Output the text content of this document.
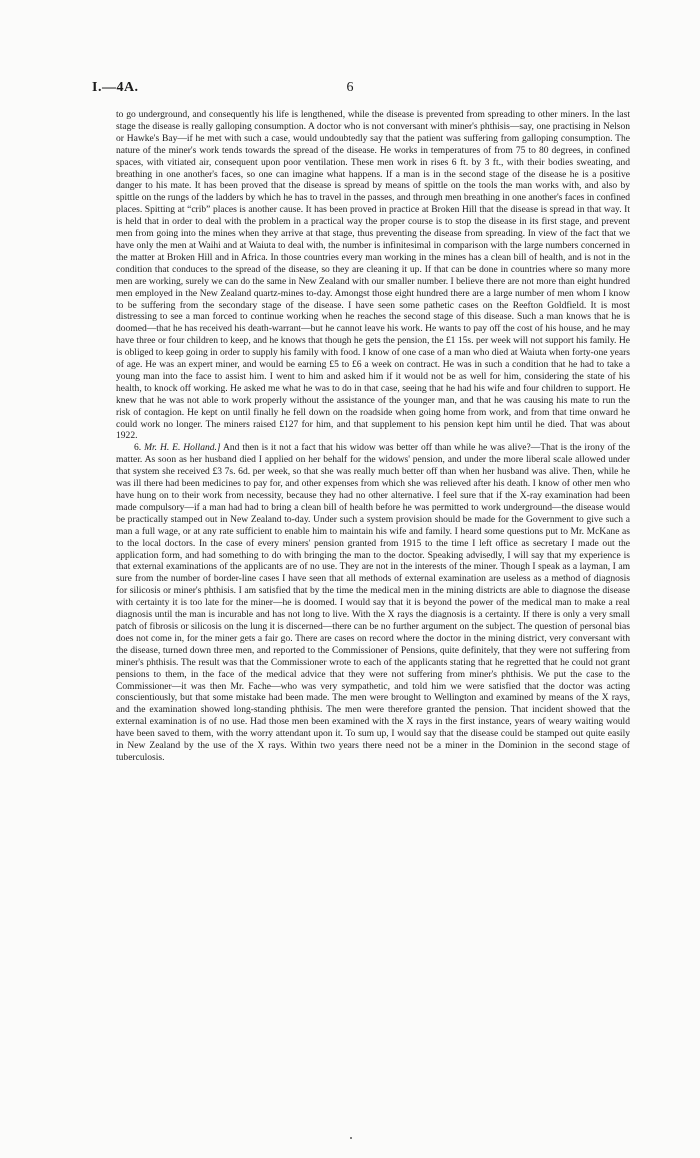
I.—4A.	6

to go underground, and consequently his life is lengthened, while the disease is prevented from spreading to other miners. In the last stage the disease is really galloping consumption. A doctor who is not conversant with miner's phthisis—say, one practising in Nelson or Hawke's Bay—if he met with such a case, would undoubtedly say that the patient was suffering from galloping consumption. The nature of the miner's work tends towards the spread of the disease. He works in temperatures of from 75 to 80 degrees, in confined spaces, with vitiated air, consequent upon poor ventilation. These men work in rises 6 ft. by 3 ft., with their bodies sweating, and breathing in one another's faces, so one can imagine what happens. If a man is in the second stage of the disease he is a positive danger to his mate. It has been proved that the disease is spread by means of spittle on the tools the man works with, and also by spittle on the rungs of the ladders by which he has to travel in the passes, and through men breathing in one another's faces in confined places. Spitting at “crib” places is another cause. It has been proved in practice at Broken Hill that the disease is spread in that way. It is held that in order to deal with the problem in a practical way the proper course is to stop the disease in its first stage, and prevent men from going into the mines when they arrive at that stage, thus preventing the disease from spreading. In view of the fact that we have only the men at Waihi and at Waiuta to deal with, the number is infinitesimal in comparison with the large numbers concerned in the matter at Broken Hill and in Africa. In those countries every man working in the mines has a clean bill of health, and is not in the condition that conduces to the spread of the disease, so they are cleaning it up. If that can be done in countries where so many more men are working, surely we can do the same in New Zealand with our smaller number. I believe there are not more than eight hundred men employed in the New Zealand quartz-mines to-day. Amongst those eight hundred there are a large number of men whom I know to be suffering from the secondary stage of the disease. I have seen some pathetic cases on the Reefton Goldfield. It is most distressing to see a man forced to continue working when he reaches the second stage of this disease. Such a man knows that he is doomed—that he has received his death-warrant—but he cannot leave his work. He wants to pay off the cost of his house, and he may have three or four children to keep, and he knows that though he gets the pension, the £1 15s. per week will not support his family. He is obliged to keep going in order to supply his family with food. I know of one case of a man who died at Waiuta when forty-one years of age. He was an expert miner, and would be earning £5 to £6 a week on contract. He was in such a condition that he had to take a young man into the face to assist him. I went to him and asked him if it would not be as well for him, considering the state of his health, to knock off working. He asked me what he was to do in that case, seeing that he had his wife and four children to support. He knew that he was not able to work properly without the assistance of the younger man, and that he was causing his mate to run the risk of contagion. He kept on until finally he fell down on the roadside when going home from work, and from that time onward he could work no longer. The miners raised £127 for him, and that supplement to his pension kept him until he died. That was about 1922.

6. Mr. H. E. Holland.] And then is it not a fact that his widow was better off than while he was alive?—That is the irony of the matter. As soon as her husband died I applied on her behalf for the widows' pension, and under the more liberal scale allowed under that system she received £3 7s. 6d. per week, so that she was really much better off than when her husband was alive. Then, while he was ill there had been medicines to pay for, and other expenses from which she was relieved after his death. I know of other men who have hung on to their work from necessity, because they had no other alternative. I feel sure that if the X-ray examination had been made compulsory—if a man had had to bring a clean bill of health before he was permitted to work underground—the disease would be practically stamped out in New Zealand to-day. Under such a system provision should be made for the Government to give such a man a full wage, or at any rate sufficient to enable him to maintain his wife and family. I heard some questions put to Mr. McKane as to the local doctors. In the case of every miners' pension granted from 1915 to the time I left office as secretary I made out the application form, and had something to do with bringing the man to the doctor. Speaking advisedly, I will say that my experience is that external examinations of the applicants are of no use. They are not in the interests of the miner. Though I speak as a layman, I am sure from the number of border-line cases I have seen that all methods of external examination are useless as a method of diagnosis for silicosis or miner's phthisis. I am satisfied that by the time the medical men in the mining districts are able to diagnose the disease with certainty it is too late for the miner—he is doomed. I would say that it is beyond the power of the medical man to make a real diagnosis until the man is incurable and has not long to live. With the X rays the diagnosis is a certainty. If there is only a very small patch of fibrosis or silicosis on the lung it is discerned—there can be no further argument on the subject. The question of personal bias does not come in, for the miner gets a fair go. There are cases on record where the doctor in the mining district, very conversant with the disease, turned down three men, and reported to the Commissioner of Pensions, quite definitely, that they were not suffering from miner's phthisis. The result was that the Commissioner wrote to each of the applicants stating that he regretted that he could not grant pensions to them, in the face of the medical advice that they were not suffering from miner's phthisis. We put the case to the Commissioner—it was then Mr. Fache—who was very sympathetic, and told him we were satisfied that the doctor was acting conscientiously, but that some mistake had been made. The men were brought to Wellington and examined by means of the X rays, and the examination showed long-standing phthisis. The men were therefore granted the pension. That incident showed that the external examination is of no use. Had those men been examined with the X rays in the first instance, years of weary waiting would have been saved to them, with the worry attendant upon it. To sum up, I would say that the disease could be stamped out quite easily in New Zealand by the use of the X rays. Within two years there need not be a miner in the Dominion in the second stage of tuberculosis.
